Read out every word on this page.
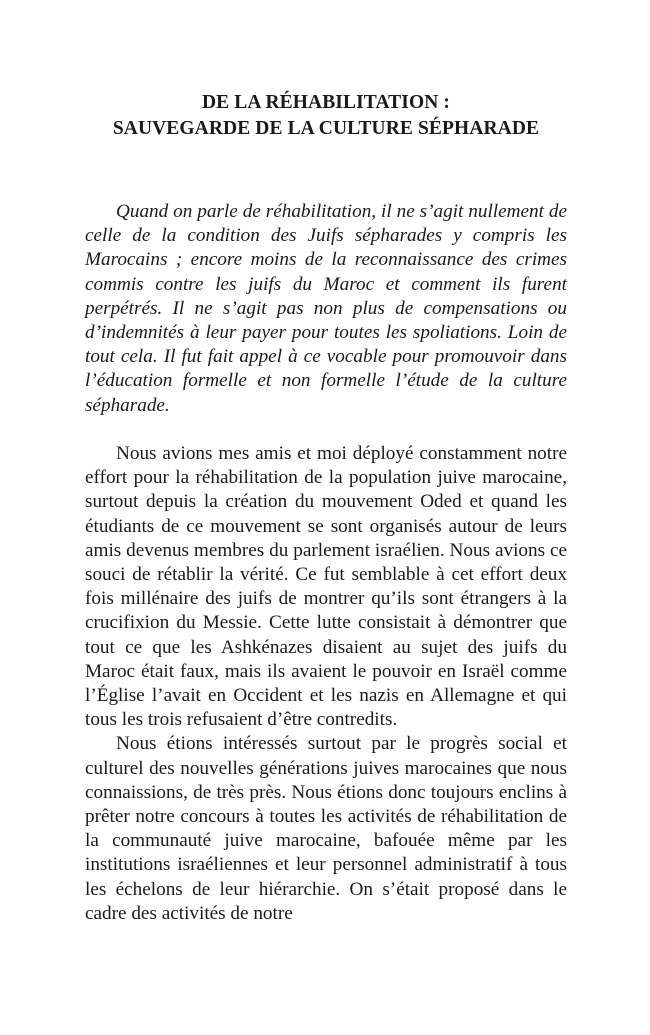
DE LA RÉHABILITATION :
SAUVEGARDE DE LA CULTURE SÉPHARADE

Quand on parle de réhabilitation, il ne s’agit nullement de celle de la condition des Juifs sépharades y compris les Marocains ; encore moins de la reconnaissance des crimes commis contre les juifs du Maroc et comment ils furent perpétrés. Il ne s’agit pas non plus de compensations ou d’indemnités à leur payer pour toutes les spoliations. Loin de tout cela. Il fut fait appel à ce vocable pour promouvoir dans l’éducation formelle et non formelle l’étude de la culture sépharade.

Nous avions mes amis et moi déployé constamment notre effort pour la réhabilitation de la population juive marocaine, surtout depuis la création du mouvement Oded et quand les étudiants de ce mouvement se sont organisés autour de leurs amis devenus membres du parlement israélien. Nous avions ce souci de rétablir la vérité. Ce fut semblable à cet effort deux fois millénaire des juifs de montrer qu’ils sont étrangers à la crucifixion du Messie. Cette lutte consistait à démontrer que tout ce que les Ashkénazes disaient au sujet des juifs du Maroc était faux, mais ils avaient le pouvoir en Israël comme l’Église l’avait en Occident et les nazis en Allemagne et qui tous les trois refusaient d’être contredits.

Nous étions intéressés surtout par le progrès social et culturel des nouvelles générations juives marocaines que nous connaissions, de très près. Nous étions donc toujours enclins à prêter notre concours à toutes les activités de réhabilitation de la communauté juive marocaine, bafouée même par les institutions israéliennes et leur personnel administratif à tous les échelons de leur hiérarchie. On s’était proposé dans le cadre des activités de notre
